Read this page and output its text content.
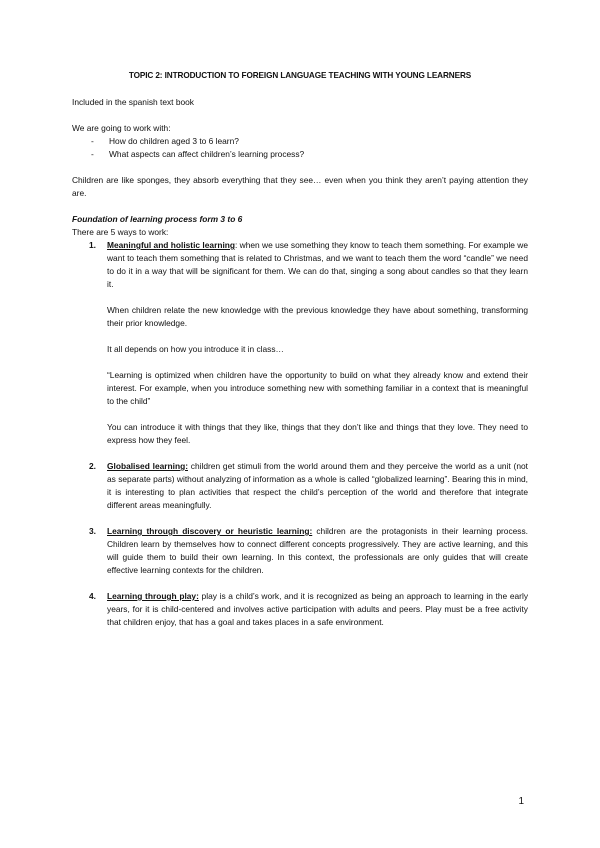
TOPIC 2: INTRODUCTION TO FOREIGN LANGUAGE TEACHING WITH YOUNG LEARNERS

Included in the spanish text book

We are going to work with:

- How do children aged 3 to 6 learn?
- What aspects can affect children’s learning process?

Children are like sponges, they absorb everything that they see… even when you think they aren’t paying attention they are.

Foundation of learning process form 3 to 6

There are 5 ways to work:

1. Meaningful and holistic learning: when we use something they know to teach them something. For example we want to teach them something that is related to Christmas, and we want to teach them the word “candle” we need to do it in a way that will be significant for them. We can do that, singing a song about candles so that they learn it.

When children relate the new knowledge with the previous knowledge they have about something, transforming their prior knowledge.

It all depends on how you introduce it in class…

“Learning is optimized when children have the opportunity to build on what they already know and extend their interest. For example, when you introduce something new with something familiar in a context that is meaningful to the child”

You can introduce it with things that they like, things that they don’t like and things that they love. They need to express how they feel.

2. Globalised learning: children get stimuli from the world around them and they perceive the world as a unit (not as separate parts) without analyzing of information as a whole is called “globalized learning”. Bearing this in mind, it is interesting to plan activities that respect the child’s perception of the world and therefore that integrate different areas meaningfully.

3. Learning through discovery or heuristic learning: children are the protagonists in their learning process. Children learn by themselves how to connect different concepts progressively. They are active learning, and this will guide them to build their own learning. In this context, the professionals are only guides that will create effective learning contexts for the children.

4. Learning through play: play is a child’s work, and it is recognized as being an approach to learning in the early years, for it is child-centered and involves active participation with adults and peers. Play must be a free activity that children enjoy, that has a goal and takes places in a safe environment.

1
